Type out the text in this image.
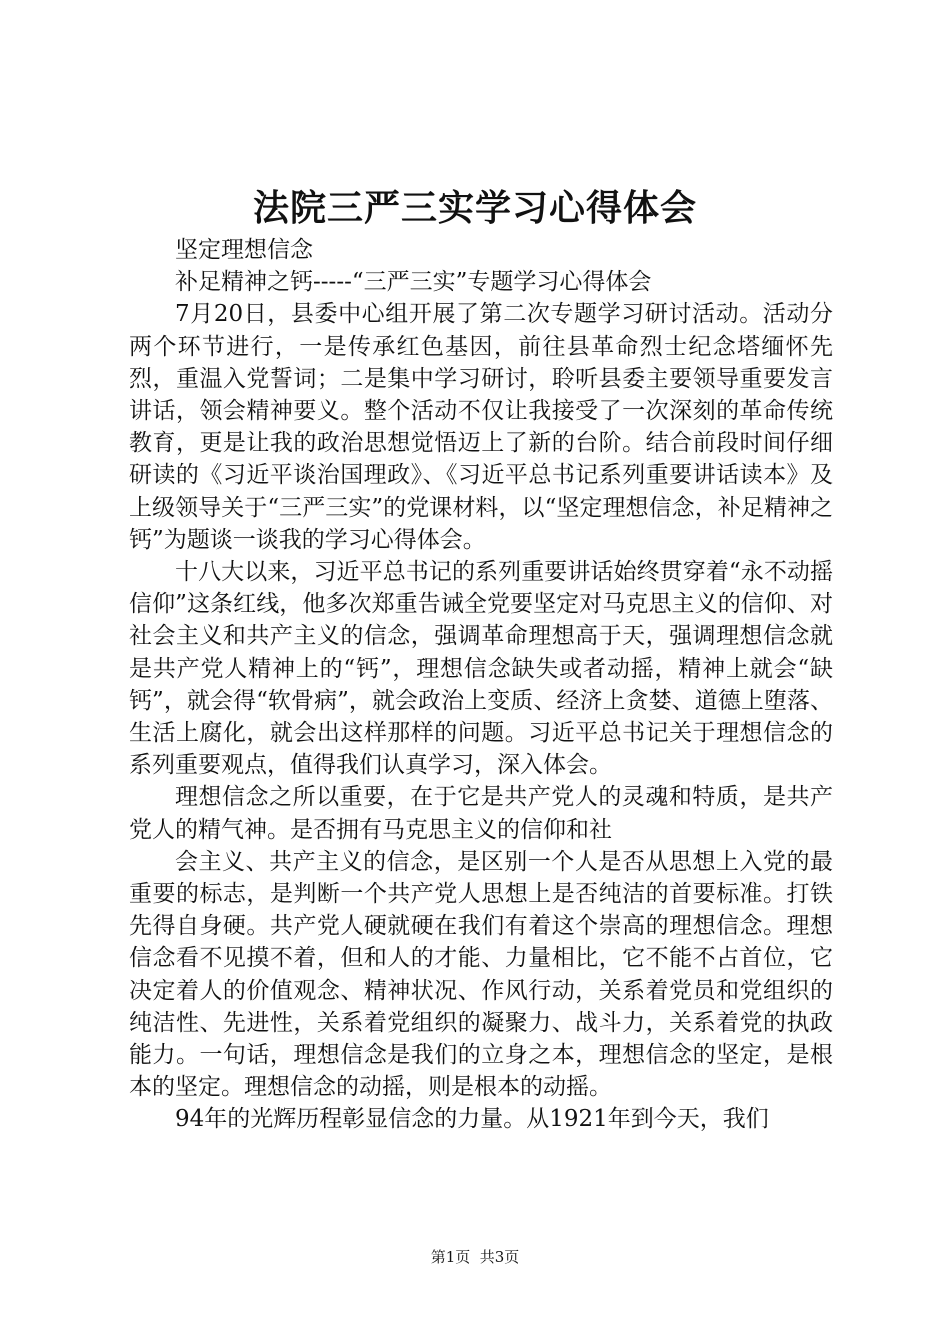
法院三严三实学习心得体会

坚定理想信念

补足精神之钙-----“三严三实”专题学习心得体会

7月20日，县委中心组开展了第二次专题学习研讨活动。活动分两个环节进行，一是传承红色基因，前往县革命烈士纪念塔缅怀先烈，重温入党誓词；二是集中学习研讨，聆听县委主要领导重要发言讲话，领会精神要义。整个活动不仅让我接受了一次深刻的革命传统教育，更是让我的政治思想觉悟迈上了新的台阶。结合前段时间仔细研读的《习近平谈治国理政》、《习近平总书记系列重要讲话读本》及上级领导关于“三严三实”的党课材料，以“坚定理想信念，补足精神之钙”为题谈一谈我的学习心得体会。

十八大以来，习近平总书记的系列重要讲话始终贯穿着“永不动摇信仰”这条红线，他多次郑重告诫全党要坚定对马克思主义的信仰、对社会主义和共产主义的信念，强调革命理想高于天，强调理想信念就是共产党人精神上的“钙”，理想信念缺失或者动摇，精神上就会“缺钙”，就会得“软骨病”，就会政治上变质、经济上贪婪、道德上堕落、生活上腐化，就会出这样那样的问题。习近平总书记关于理想信念的系列重要观点，值得我们认真学习，深入体会。

理想信念之所以重要，在于它是共产党人的灵魂和特质，是共产党人的精气神。是否拥有马克思主义的信仰和社

会主义、共产主义的信念，是区别一个人是否从思想上入党的最重要的标志，是判断一个共产党人思想上是否纯洁的首要标准。打铁先得自身硬。共产党人硬就硬在我们有着这个崇高的理想信念。理想信念看不见摸不着，但和人的才能、力量相比，它不能不占首位，它决定着人的价值观念、精神状况、作风行动，关系着党员和党组织的纯洁性、先进性，关系着党组织的凝聚力、战斗力，关系着党的执政能力。一句话，理想信念是我们的立身之本，理想信念的坚定，是根本的坚定。理想信念的动摇，则是根本的动摇。

94年的光辉历程彰显信念的力量。从1921年到今天，我们

第1页  共3页
